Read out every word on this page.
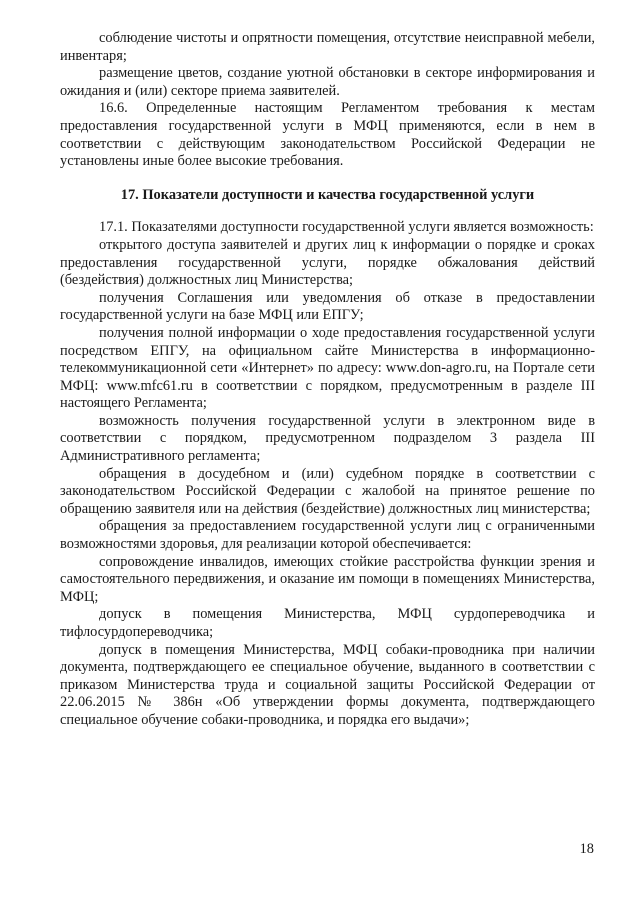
соблюдение чистоты и опрятности помещения, отсутствие неисправной мебели, инвентаря;

размещение цветов, создание уютной обстановки в секторе информирования и ожидания и (или) секторе приема заявителей.

16.6. Определенные настоящим Регламентом требования к местам предоставления государственной услуги в МФЦ применяются, если в нем в соответствии с действующим законодательством Российской Федерации не установлены иные более высокие требования.

17. Показатели доступности и качества государственной услуги

17.1. Показателями доступности государственной услуги является возможность:

открытого доступа заявителей и других лиц к информации о порядке и сроках предоставления государственной услуги, порядке обжалования действий (бездействия) должностных лиц Министерства;

получения Соглашения или уведомления об отказе в предоставлении государственной услуги на базе МФЦ или ЕПГУ;

получения полной информации о ходе предоставления государственной услуги посредством ЕПГУ, на официальном сайте Министерства в информационно-телекоммуникационной сети «Интернет» по адресу: www.don-agro.ru, на Портале сети МФЦ: www.mfc61.ru в соответствии с порядком, предусмотренным в разделе III настоящего Регламента;

возможность получения государственной услуги в электронном виде в соответствии с порядком, предусмотренном подразделом 3 раздела III Административного регламента;

обращения в досудебном и (или) судебном порядке в соответствии с законодательством Российской Федерации с жалобой на принятое решение по обращению заявителя или на действия (бездействие) должностных лиц министерства;

обращения за предоставлением государственной услуги лиц с ограниченными возможностями здоровья, для реализации которой обеспечивается:

сопровождение инвалидов, имеющих стойкие расстройства функции зрения и самостоятельного передвижения, и оказание им помощи в помещениях Министерства, МФЦ;

допуск в помещения Министерства, МФЦ сурдопереводчика и тифлосурдопереводчика;

допуск в помещения Министерства, МФЦ собаки-проводника при наличии документа, подтверждающего ее специальное обучение, выданного в соответствии с приказом Министерства труда и социальной защиты Российской Федерации от 22.06.2015 № 386н «Об утверждении формы документа, подтверждающего специальное обучение собаки-проводника, и порядка его выдачи»;

18
